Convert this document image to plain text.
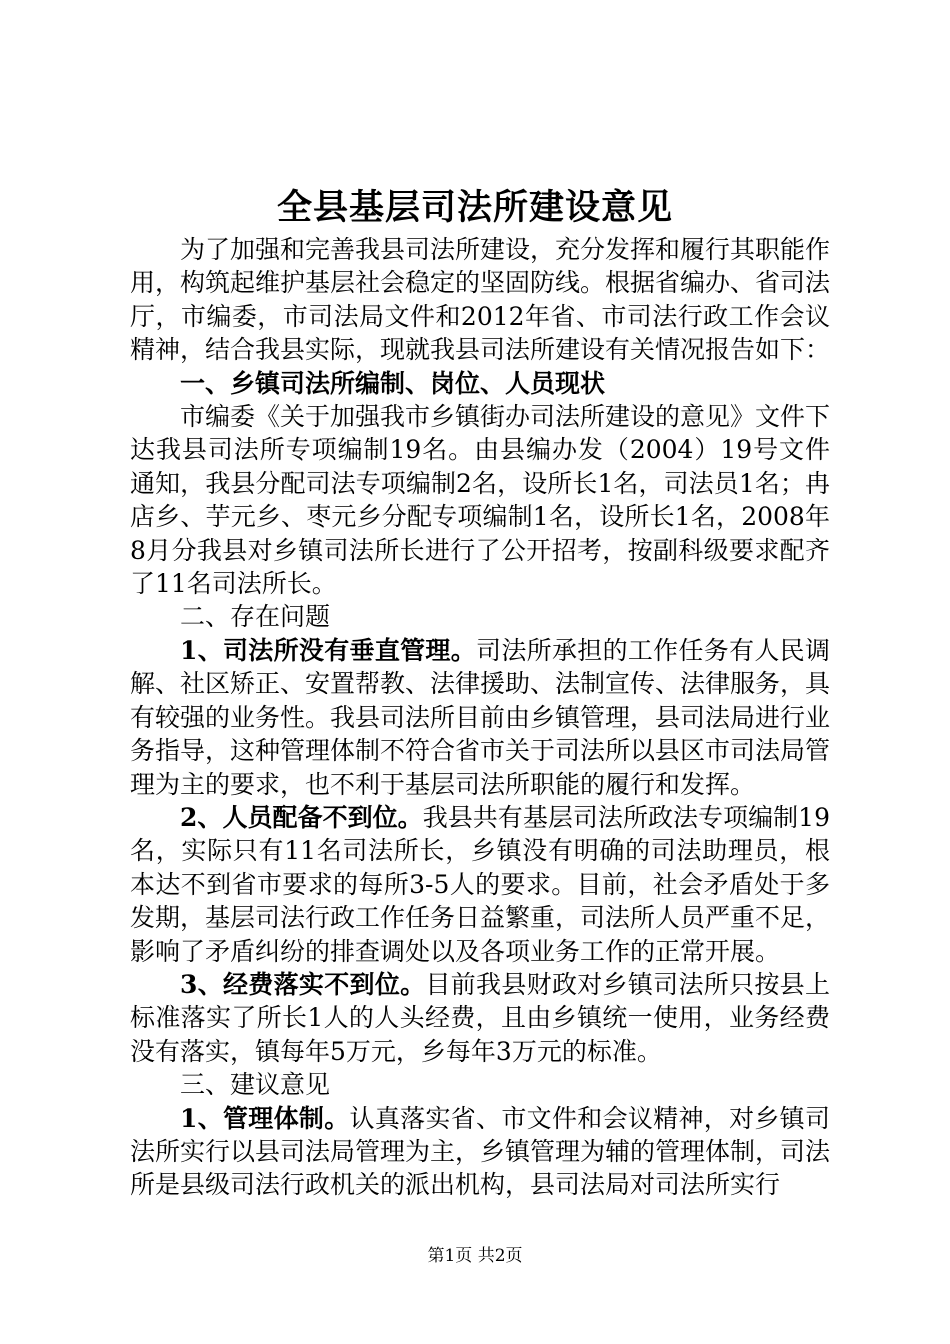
全县基层司法所建设意见

为了加强和完善我县司法所建设，充分发挥和履行其职能作用，构筑起维护基层社会稳定的坚固防线。根据省编办、省司法厅，市编委，市司法局文件和2012年省、市司法行政工作会议精神，结合我县实际，现就我县司法所建设有关情况报告如下：

一、乡镇司法所编制、岗位、人员现状

市编委《关于加强我市乡镇街办司法所建设的意见》文件下达我县司法所专项编制19名。由县编办发（2004）19号文件通知，我县分配司法专项编制2名，设所长1名，司法员1名；冉店乡、芋元乡、枣元乡分配专项编制1名，设所长1名，2008年8月分我县对乡镇司法所长进行了公开招考，按副科级要求配齐了11名司法所长。

二、存在问题

1、司法所没有垂直管理。司法所承担的工作任务有人民调解、社区矫正、安置帮教、法律援助、法制宣传、法律服务，具有较强的业务性。我县司法所目前由乡镇管理，县司法局进行业务指导，这种管理体制不符合省市关于司法所以县区市司法局管理为主的要求，也不利于基层司法所职能的履行和发挥。

2、人员配备不到位。我县共有基层司法所政法专项编制19名，实际只有11名司法所长，乡镇没有明确的司法助理员，根本达不到省市要求的每所3-5人的要求。目前，社会矛盾处于多发期，基层司法行政工作任务日益繁重，司法所人员严重不足，影响了矛盾纠纷的排查调处以及各项业务工作的正常开展。

3、经费落实不到位。目前我县财政对乡镇司法所只按县上标准落实了所长1人的人头经费，且由乡镇统一使用，业务经费没有落实，镇每年5万元，乡每年3万元的标准。

三、建议意见

1、管理体制。认真落实省、市文件和会议精神，对乡镇司法所实行以县司法局管理为主，乡镇管理为辅的管理体制，司法所是县级司法行政机关的派出机构，县司法局对司法所实行

第1页 共2页
